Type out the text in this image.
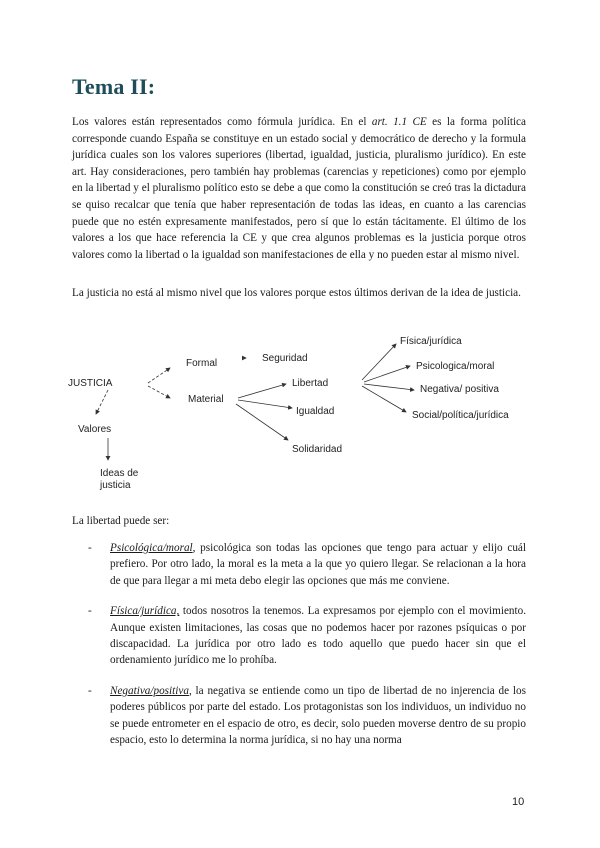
Tema II:

Los valores están representados como fórmula jurídica. En el art. 1.1 CE es la forma política corresponde cuando España se constituye en un estado social y democrático de derecho y la formula jurídica cuales son los valores superiores (libertad, igualdad, justicia, pluralismo jurídico). En este art. Hay consideraciones, pero también hay problemas (carencias y repeticiones) como por ejemplo en la libertad y el pluralismo político esto se debe a que como la constitución se creó tras la dictadura se quiso recalcar que tenía que haber representación de todas las ideas, en cuanto a las carencias puede que no estén expresamente manifestados, pero sí que lo están tácitamente. El último de los valores a los que hace referencia la CE y que crea algunos problemas es la justicia porque otros valores como la libertad o la igualdad son manifestaciones de ella y no pueden estar al mismo nivel.

La justicia no está al mismo nivel que los valores porque estos últimos derivan de la idea de justicia.

JUSTICIA
Formal
Material
Seguridad
Libertad
Igualdad
Solidaridad
Valores
Ideas de
justicia
Física/jurídica
Psicologica/moral
Negativa/ positiva
Social/política/jurídica

La libertad puede ser:

- Psicológica/moral, psicológica son todas las opciones que tengo para actuar y elijo cuál prefiero. Por otro lado, la moral es la meta a la que yo quiero llegar. Se relacionan a la hora de que para llegar a mi meta debo elegir las opciones que más me conviene.
- Física/jurídica, todos nosotros la tenemos. La expresamos por ejemplo con el movimiento. Aunque existen limitaciones, las cosas que no podemos hacer por razones psíquicas o por discapacidad. La jurídica por otro lado es todo aquello que puedo hacer sin que el ordenamiento jurídico me lo prohíba.
- Negativa/positiva, la negativa se entiende como un tipo de libertad de no injerencia de los poderes públicos por parte del estado. Los protagonistas son los individuos, un individuo no se puede entrometer en el espacio de otro, es decir, solo pueden moverse dentro de su propio espacio, esto lo determina la norma jurídica, si no hay una norma
10
